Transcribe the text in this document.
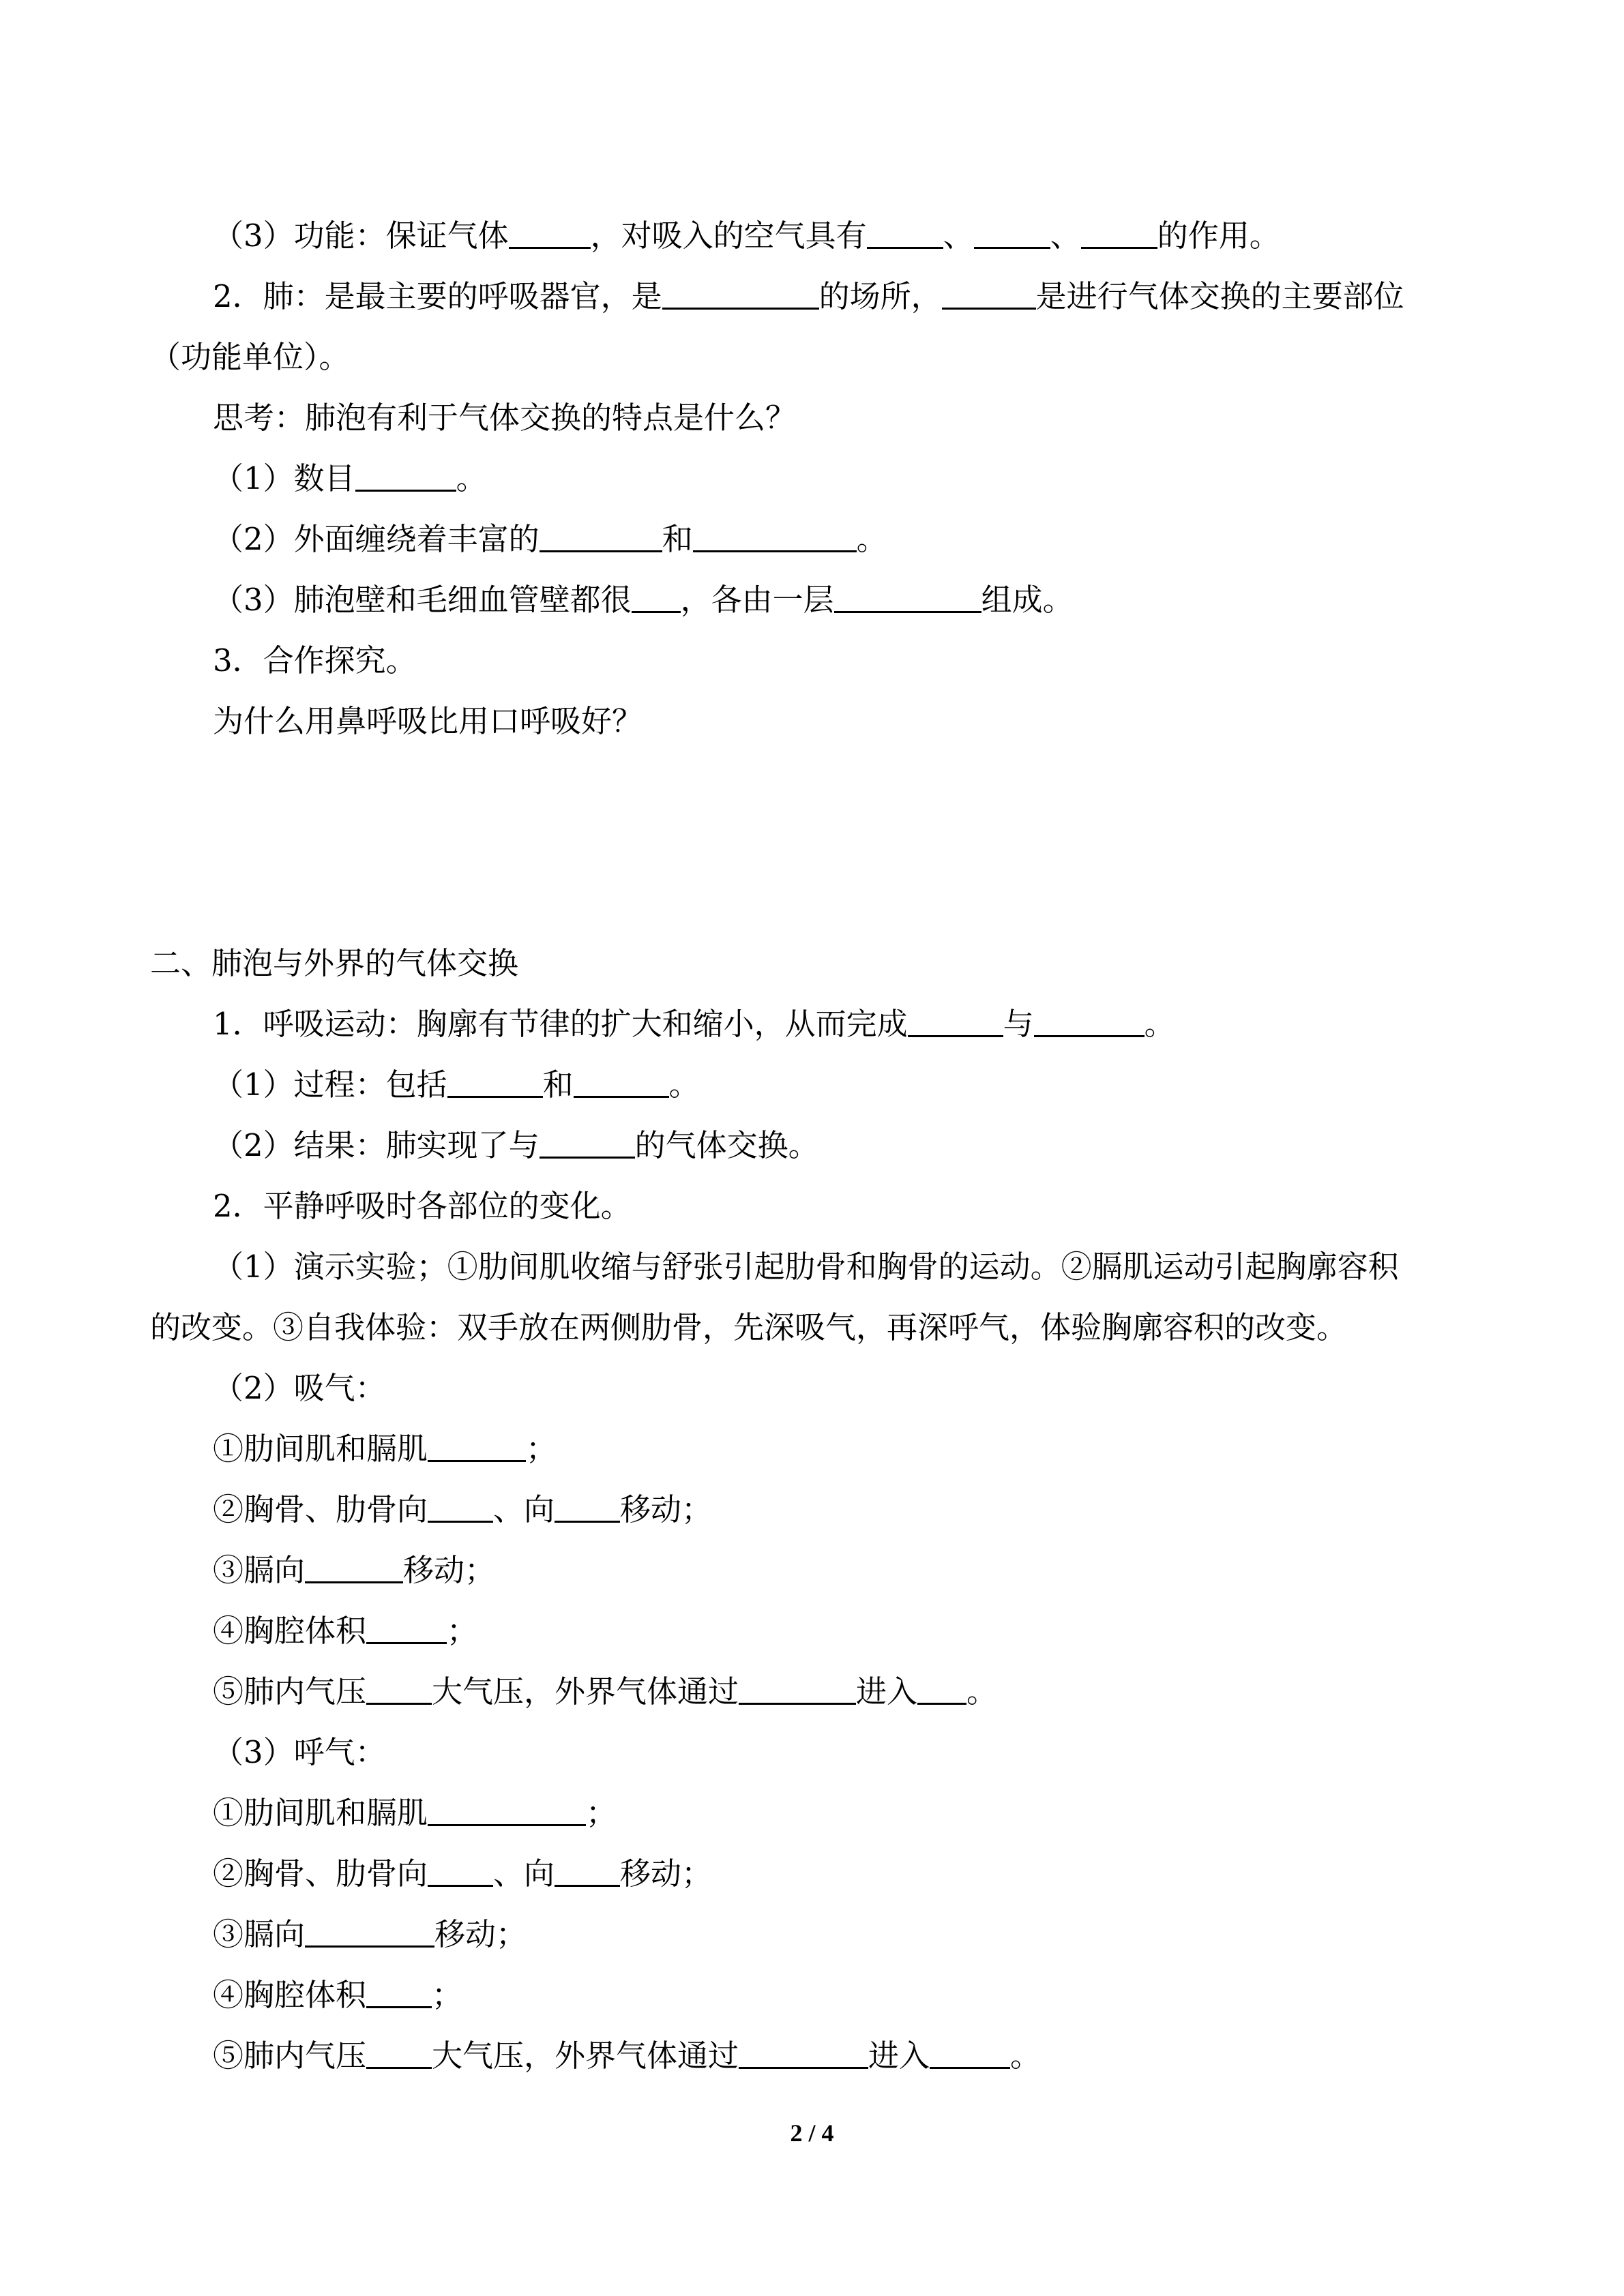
（3）功能：保证气体	，对吸入的空气具有 、 、 的作用。
2．肺：是最主要的呼吸器官，是	的场所，	是进行气体交换的主要部位
（功能单位）。
思考：肺泡有利于气体交换的特点是什么？
（1）数目	。
（2）外面缠绕着丰富的	和	。
（3）肺泡壁和毛细血管壁都很 ，各由一层	组成。
3．合作探究。
为什么用鼻呼吸比用口呼吸好？
二、肺泡与外界的气体交换
1．呼吸运动：胸廓有节律的扩大和缩小，从而完成	与	。
（1）过程：包括	和	。
（2）结果：肺实现了与	的气体交换。
2．平静呼吸时各部位的变化。
（1）演示实验；①肋间肌收缩与舒张引起肋骨和胸骨的运动。②膈肌运动引起胸廓容积
的改变。③自我体验：双手放在两侧肋骨，先深吸气，再深呼气，体验胸廓容积的改变。
（2）吸气：
①肋间肌和膈肌	；
②胸骨、肋骨向 、向 移动；
③膈向	移动；
④胸腔体积	；
⑤肺内气压 大气压，外界气体通过	进入 。
（3）呼气：
①肋间肌和膈肌	；
②胸骨、肋骨向 、向 移动；
③膈向	移动；
④胸腔体积 ；
⑤肺内气压 大气压，外界气体通过	进入	。
2 / 4
